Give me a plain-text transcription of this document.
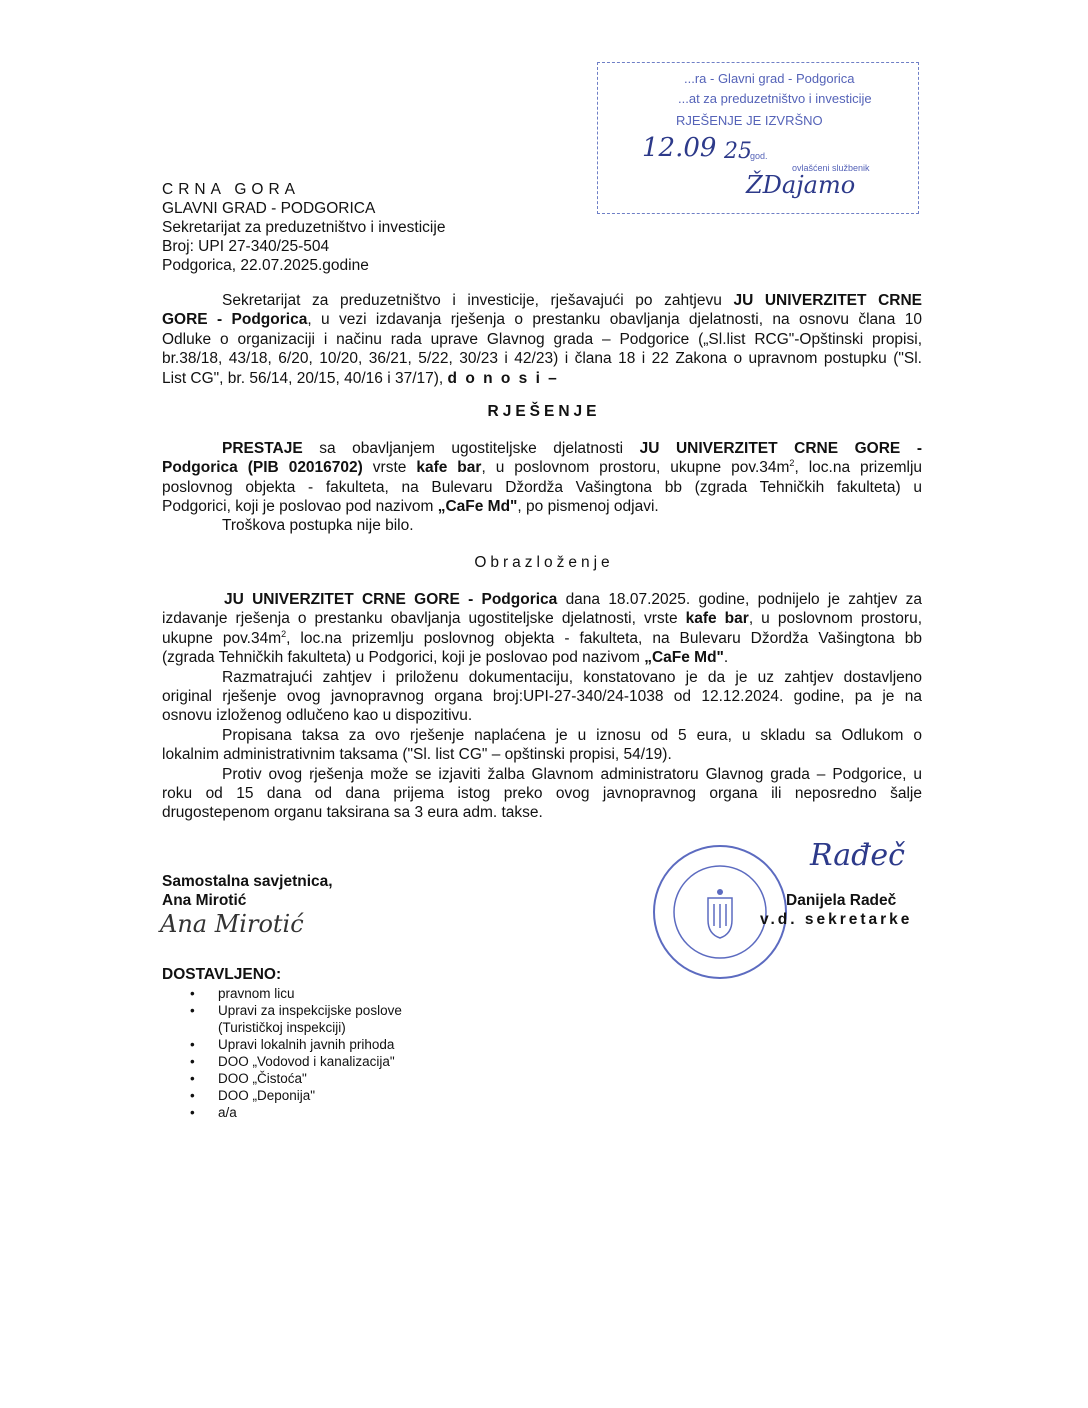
...ra - Glavni grad - Podgorica
...at za preduzetništvo i investicije
RJEŠENJE JE IZVRŠNO
12.09 25
god.
ovlašćeni službenik
ŽDajamo
CRNA GORA
GLAVNI GRAD - PODGORICA
Sekretarijat za preduzetništvo i investicije
Broj: UPI 27-340/25-504
Podgorica, 22.07.2025.godine
Sekretarijat za preduzetništvo i investicije, rješavajući po zahtjevu JU UNIVERZITET CRNE
GORE - Podgorica, u vezi izdavanja rješenja o prestanku obavljanja djelatnosti, na osnovu člana 10
Odluke o organizaciji i načinu rada uprave Glavnog grada – Podgorice („Sl.list RCG"-Opštinski propisi,
br.38/18, 43/18, 6/20, 10/20, 36/21, 5/22, 30/23 i 42/23) i člana 18 i 22 Zakona o upravnom postupku ("Sl.
List CG", br. 56/14, 20/15, 40/16 i 37/17), d o n o s i –
RJEŠENJE
PRESTAJE sa obavljanjem ugostiteljske djelatnosti JU UNIVERZITET CRNE GORE -
Podgorica (PIB 02016702) vrste kafe bar, u poslovnom prostoru, ukupne $pov.34m^2$, loc.na prizemlju
poslovnog objekta - fakulteta, na Bulevaru Džordža Vašingtona bb (zgrada Tehničkih fakulteta) u
Podgorici, koji je poslovao pod nazivom „CaFe Md", po pismenoj odjavi.
Troškova postupka nije bilo.
Obrazloženje
JU UNIVERZITET CRNE GORE - Podgorica dana 18.07.2025. godine, podnijelo je zahtjev za
izdavanje rješenja o prestanku obavljanja ugostiteljske djelatnosti, vrste kafe bar, u poslovnom prostoru,
ukupne $pov.34m^2$, loc.na prizemlju poslovnog objekta - fakulteta, na Bulevaru Džordža Vašingtona bb
(zgrada Tehničkih fakulteta) u Podgorici, koji je poslovao pod nazivom „CaFe Md".
Razmatrajući zahtjev i priloženu dokumentaciju, konstatovano je da je uz zahtjev dostavljeno
original rješenje ovog javnopravnog organa broj:UPI-27-340/24-1038 od 12.12.2024. godine, pa je na
osnovu izloženog odlučeno kao u dispozitivu.
Propisana taksa za ovo rješenje naplaćena je u iznosu od 5 eura, u skladu sa Odlukom o
lokalnim administrativnim taksama ("Sl. list CG" – opštinski propisi, 54/19).
Protiv ovog rješenja može se izjaviti žalba Glavnom administratoru Glavnog grada – Podgorice, u
roku od 15 dana od dana prijema istog preko ovog javnopravnog organa ili neposredno šalje
drugostepenom organu taksirana sa 3 eura adm. takse.
Samostalna savjetnica,
Ana Mirotić
Ana Mirotić
Rađeč
Danijela Radeč
v.d. sekretarke
DOSTAVLJENO:
• pravnom licu
• Upravi za inspekcijske poslove
(Turističkoj inspekciji)
• Upravi lokalnih javnih prihoda
• DOO „Vodovod i kanalizacija"
• DOO „Čistoća"
• DOO „Deponija"
• a/a
